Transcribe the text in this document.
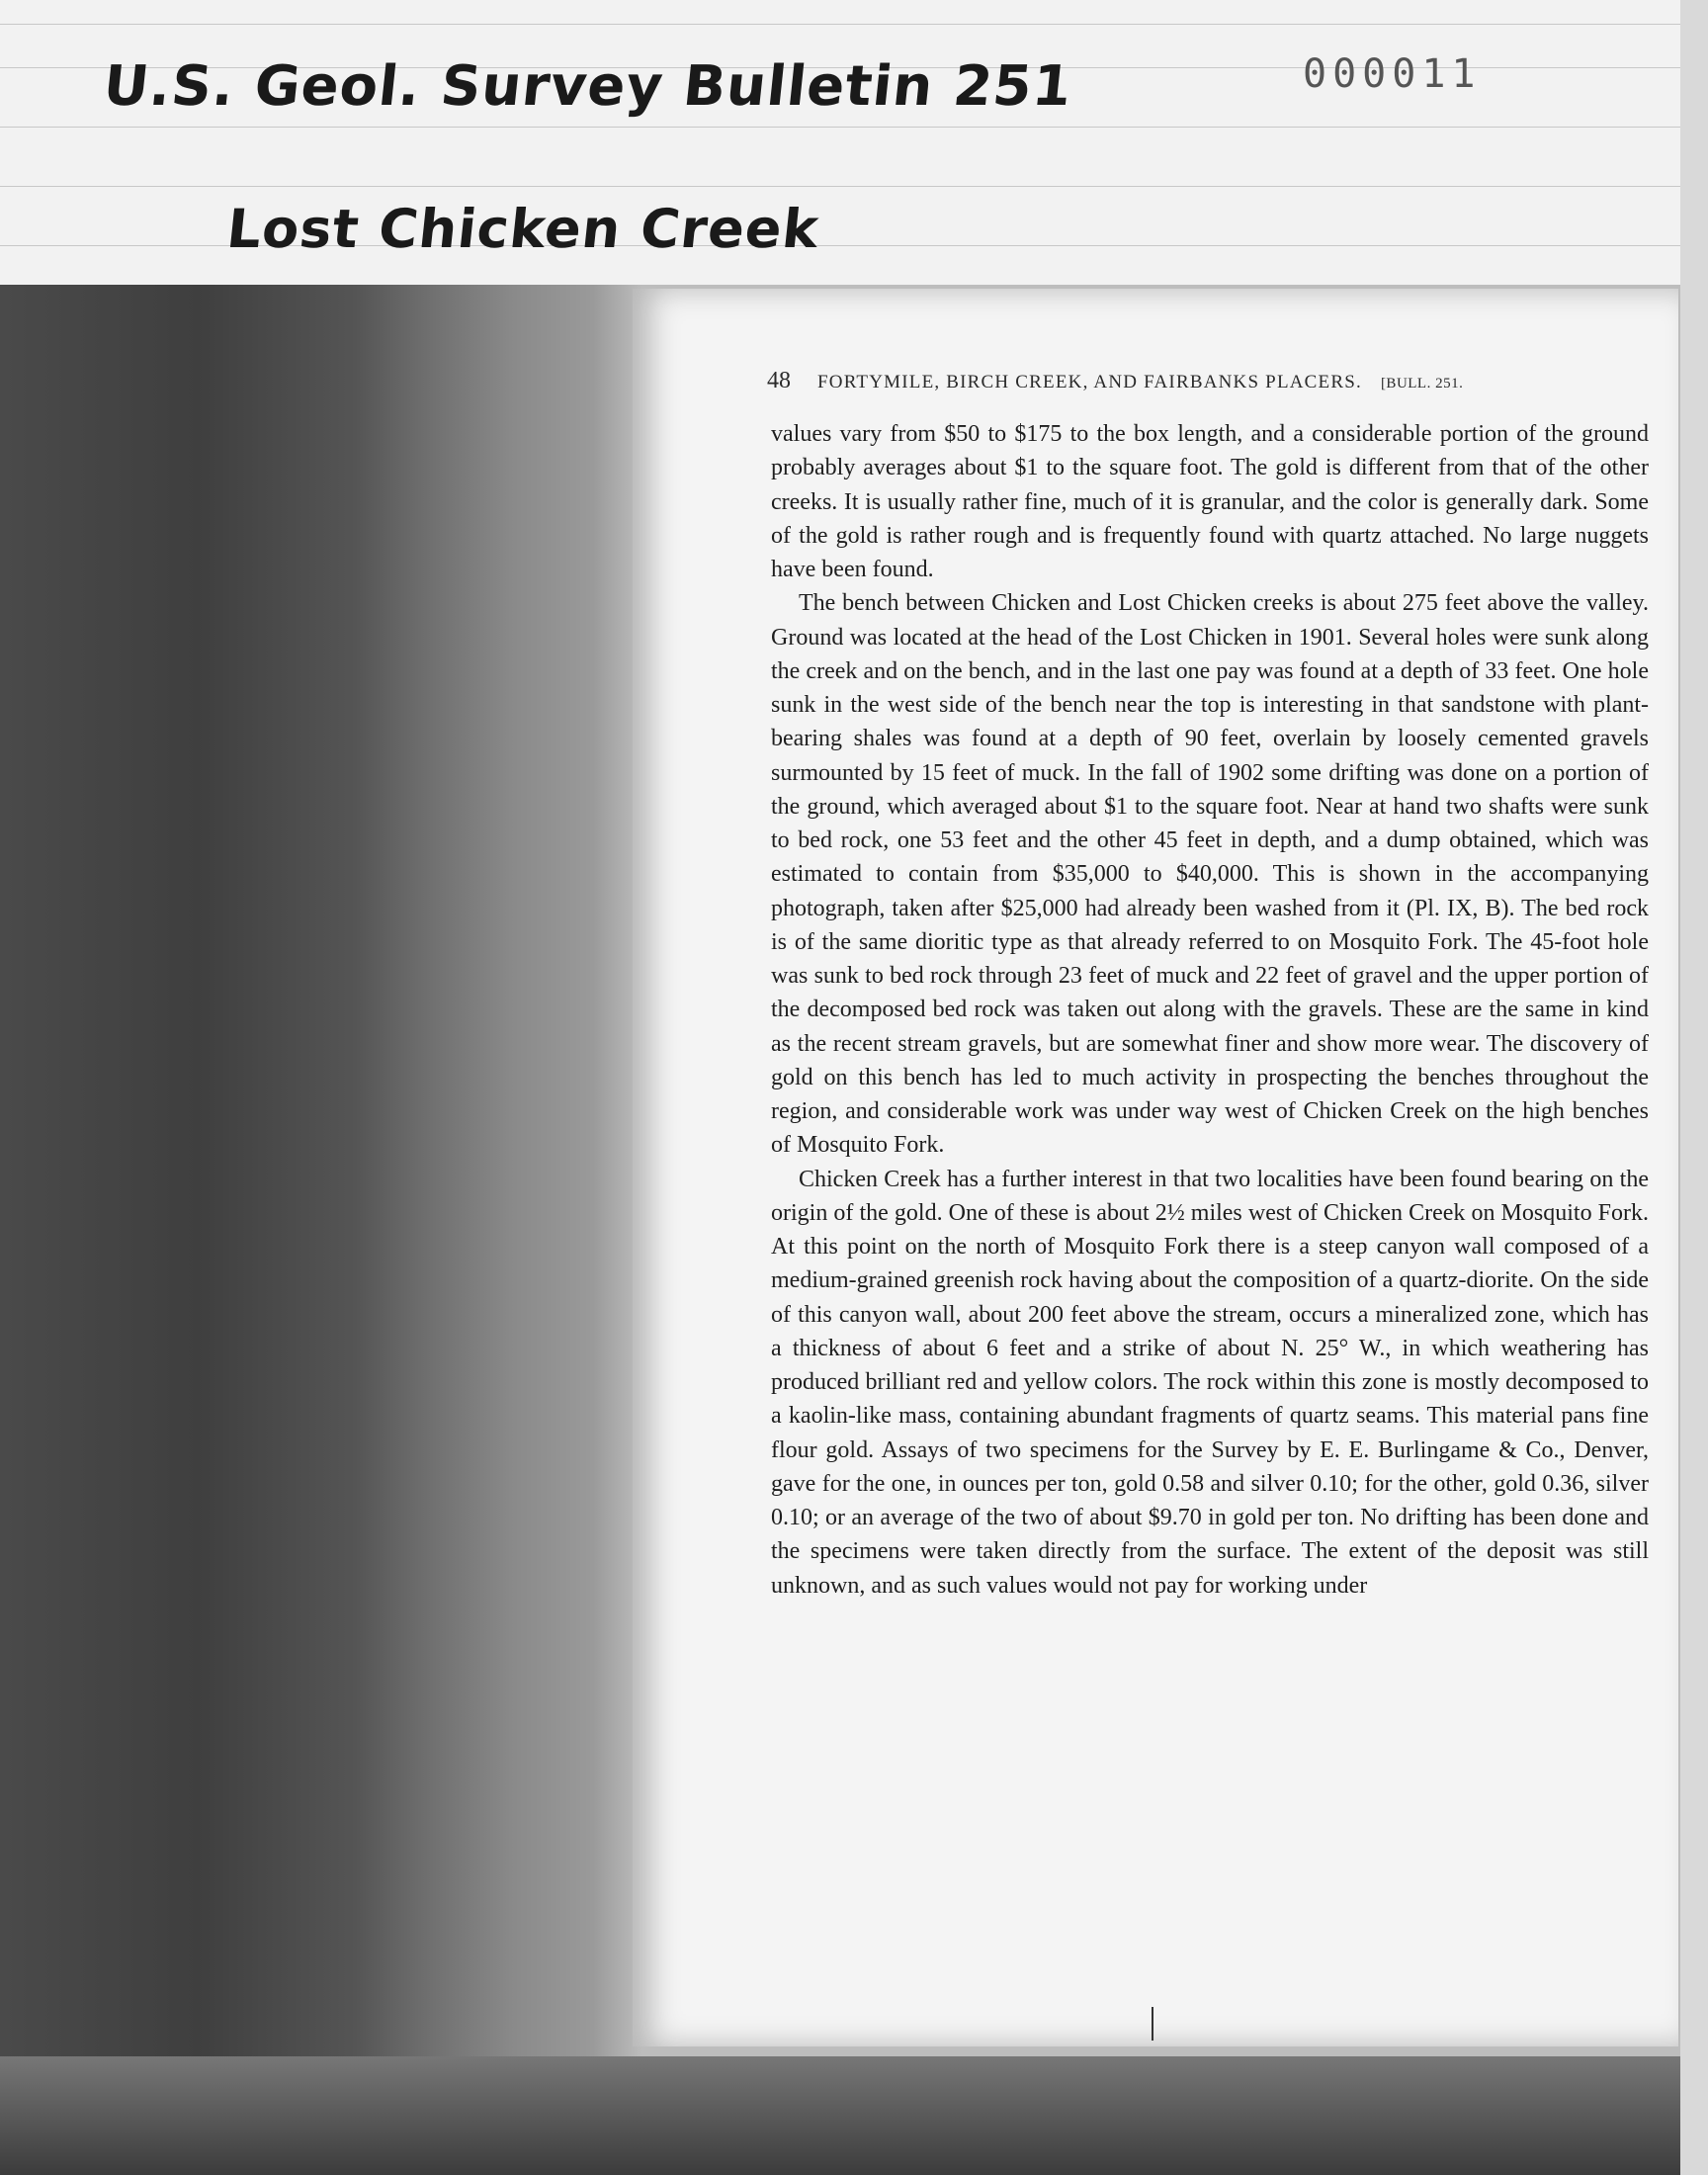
U.S. Geol. Survey Bulletin 251
Lost Chicken Creek
000011
48 FORTYMILE, BIRCH CREEK, AND FAIRBANKS PLACERS. [BULL. 251.

values vary from $50 to $175 to the box length, and a considerable portion of the ground probably averages about $1 to the square foot. The gold is different from that of the other creeks. It is usually rather fine, much of it is granular, and the color is generally dark. Some of the gold is rather rough and is frequently found with quartz attached. No large nuggets have been found.

The bench between Chicken and Lost Chicken creeks is about 275 feet above the valley. Ground was located at the head of the Lost Chicken in 1901. Several holes were sunk along the creek and on the bench, and in the last one pay was found at a depth of 33 feet. One hole sunk in the west side of the bench near the top is interesting in that sandstone with plant-bearing shales was found at a depth of 90 feet, overlain by loosely cemented gravels surmounted by 15 feet of muck. In the fall of 1902 some drifting was done on a portion of the ground, which averaged about $1 to the square foot. Near at hand two shafts were sunk to bed rock, one 53 feet and the other 45 feet in depth, and a dump obtained, which was estimated to contain from $35,000 to $40,000. This is shown in the accompanying photograph, taken after $25,000 had already been washed from it (Pl. IX, B). The bed rock is of the same dioritic type as that already referred to on Mosquito Fork. The 45-foot hole was sunk to bed rock through 23 feet of muck and 22 feet of gravel and the upper portion of the decomposed bed rock was taken out along with the gravels. These are the same in kind as the recent stream gravels, but are somewhat finer and show more wear. The discovery of gold on this bench has led to much activity in prospecting the benches throughout the region, and considerable work was under way west of Chicken Creek on the high benches of Mosquito Fork.

Chicken Creek has a further interest in that two localities have been found bearing on the origin of the gold. One of these is about 2½ miles west of Chicken Creek on Mosquito Fork. At this point on the north of Mosquito Fork there is a steep canyon wall composed of a medium-grained greenish rock having about the composition of a quartz-diorite. On the side of this canyon wall, about 200 feet above the stream, occurs a mineralized zone, which has a thickness of about 6 feet and a strike of about N. 25° W., in which weathering has produced brilliant red and yellow colors. The rock within this zone is mostly decomposed to a kaolin-like mass, containing abundant fragments of quartz seams. This material pans fine flour gold. Assays of two specimens for the Survey by E. E. Burlingame & Co., Denver, gave for the one, in ounces per ton, gold 0.58 and silver 0.10; for the other, gold 0.36, silver 0.10; or an average of the two of about $9.70 in gold per ton. No drifting has been done and the specimens were taken directly from the surface. The extent of the deposit was still unknown, and as such values would not pay for working under
